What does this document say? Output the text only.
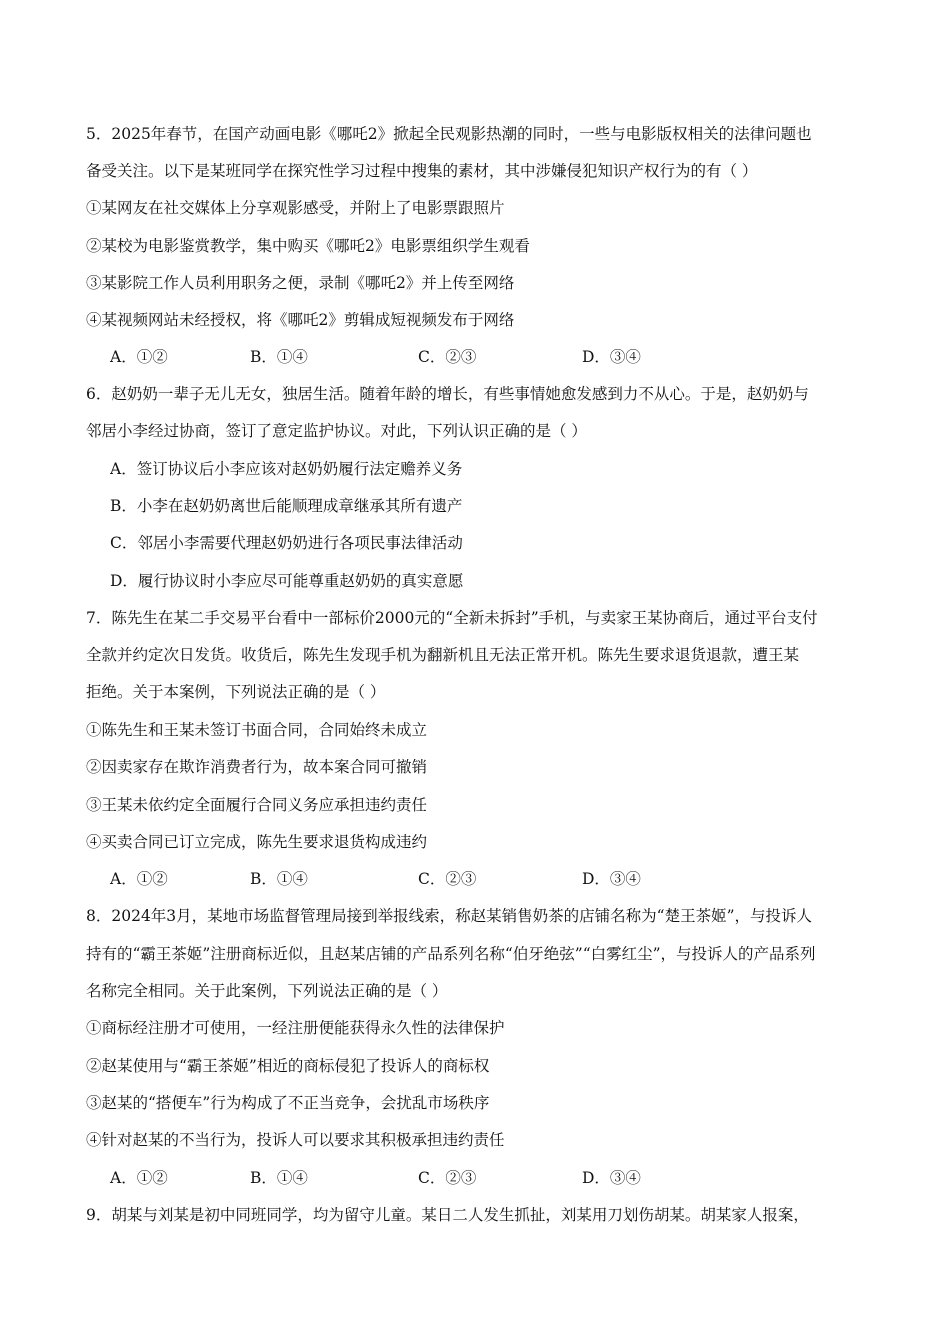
5．2025年春节，在国产动画电影《哪吒2》掀起全民观影热潮的同时，一些与电影版权相关的法律问题也
备受关注。以下是某班同学在探究性学习过程中搜集的素材，其中涉嫌侵犯知识产权行为的有（ ）
①某网友在社交媒体上分享观影感受，并附上了电影票跟照片
②某校为电影鉴赏教学，集中购买《哪吒2》电影票组织学生观看
③某影院工作人员利用职务之便，录制《哪吒2》并上传至网络
④某视频网站未经授权，将《哪吒2》剪辑成短视频发布于网络
A．①②	B．①④	C．②③	D．③④
6．赵奶奶一辈子无儿无女，独居生活。随着年龄的增长，有些事情她愈发感到力不从心。于是，赵奶奶与
邻居小李经过协商，签订了意定监护协议。对此，下列认识正确的是（ ）
A．签订协议后小李应该对赵奶奶履行法定赡养义务
B．小李在赵奶奶离世后能顺理成章继承其所有遗产
C．邻居小李需要代理赵奶奶进行各项民事法律活动
D．履行协议时小李应尽可能尊重赵奶奶的真实意愿
7．陈先生在某二手交易平台看中一部标价2000元的“全新未拆封”手机，与卖家王某协商后，通过平台支付
全款并约定次日发货。收货后，陈先生发现手机为翻新机且无法正常开机。陈先生要求退货退款，遭王某
拒绝。关于本案例，下列说法正确的是（ ）
①陈先生和王某未签订书面合同，合同始终未成立
②因卖家存在欺诈消费者行为，故本案合同可撤销
③王某未依约定全面履行合同义务应承担违约责任
④买卖合同已订立完成，陈先生要求退货构成违约
A．①②	B．①④	C．②③	D．③④
8．2024年3月，某地市场监督管理局接到举报线索，称赵某销售奶茶的店铺名称为“楚王茶姬”，与投诉人
持有的“霸王茶姬”注册商标近似，且赵某店铺的产品系列名称“伯牙绝弦”“白雾红尘”，与投诉人的产品系列
名称完全相同。关于此案例，下列说法正确的是（ ）
①商标经注册才可使用，一经注册便能获得永久性的法律保护
②赵某使用与“霸王茶姬”相近的商标侵犯了投诉人的商标权
③赵某的“搭便车”行为构成了不正当竞争，会扰乱市场秩序
④针对赵某的不当行为，投诉人可以要求其积极承担违约责任
A．①②	B．①④	C．②③	D．③④
9．胡某与刘某是初中同班同学，均为留守儿童。某日二人发生抓扯，刘某用刀划伤胡某。胡某家人报案，
